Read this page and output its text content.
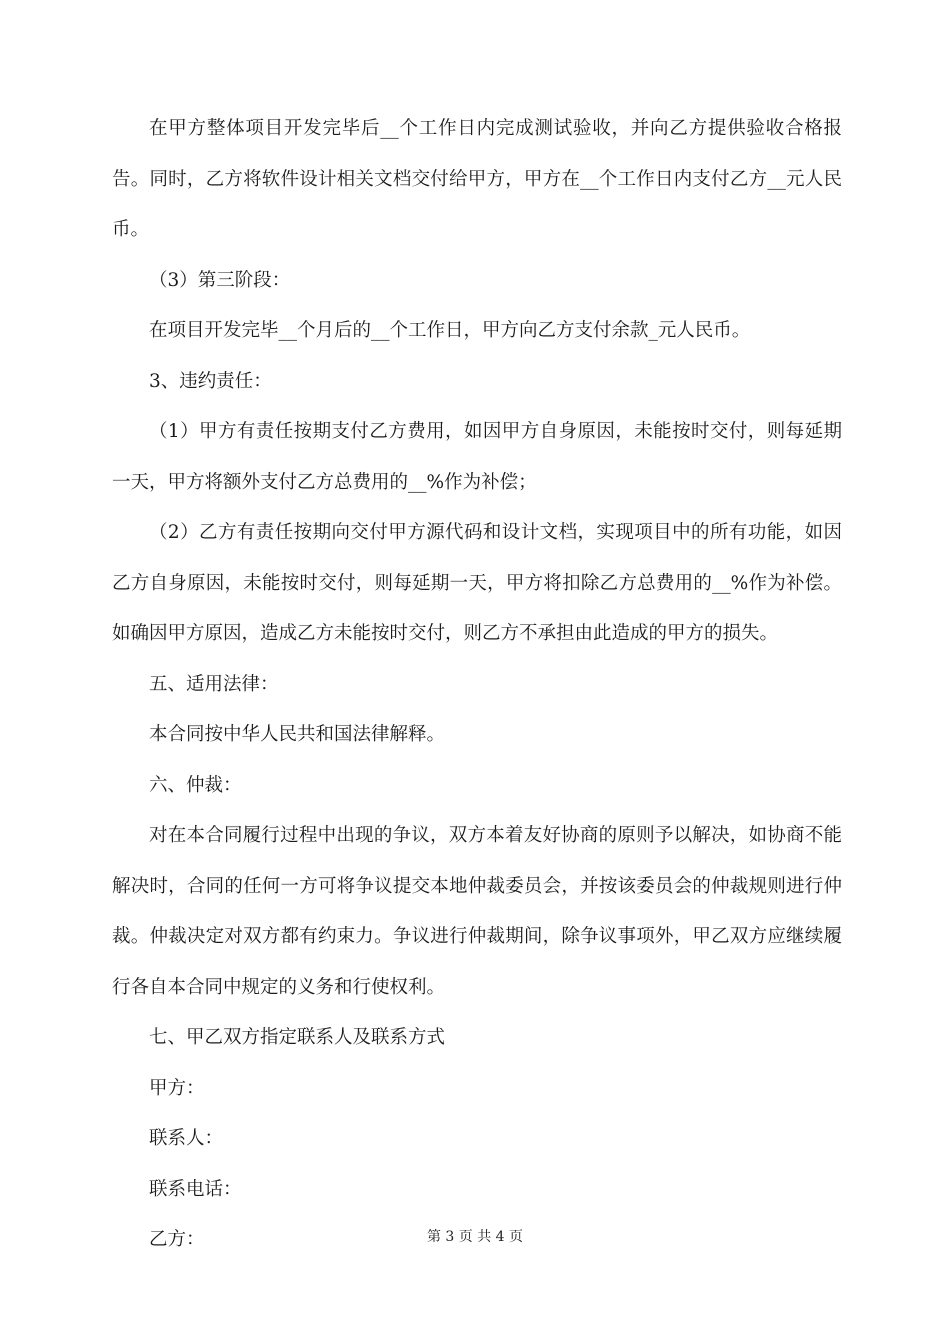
在甲方整体项目开发完毕后__个工作日内完成测试验收，并向乙方提供验收合格报告。同时，乙方将软件设计相关文档交付给甲方，甲方在__个工作日内支付乙方__元人民币。

（3）第三阶段：

在项目开发完毕__个月后的__个工作日，甲方向乙方支付余款_元人民币。

3、违约责任：

（1）甲方有责任按期支付乙方费用，如因甲方自身原因，未能按时交付，则每延期一天，甲方将额外支付乙方总费用的__%作为补偿；

（2）乙方有责任按期向交付甲方源代码和设计文档，实现项目中的所有功能，如因乙方自身原因，未能按时交付，则每延期一天，甲方将扣除乙方总费用的__%作为补偿。如确因甲方原因，造成乙方未能按时交付，则乙方不承担由此造成的甲方的损失。

五、适用法律：

本合同按中华人民共和国法律解释。

六、仲裁：

对在本合同履行过程中出现的争议，双方本着友好协商的原则予以解决，如协商不能解决时，合同的任何一方可将争议提交本地仲裁委员会，并按该委员会的仲裁规则进行仲裁。仲裁决定对双方都有约束力。争议进行仲裁期间，除争议事项外，甲乙双方应继续履行各自本合同中规定的义务和行使权利。

七、甲乙双方指定联系人及联系方式

甲方：

联系人：

联系电话：

乙方：	第 3 页 共 4 页
